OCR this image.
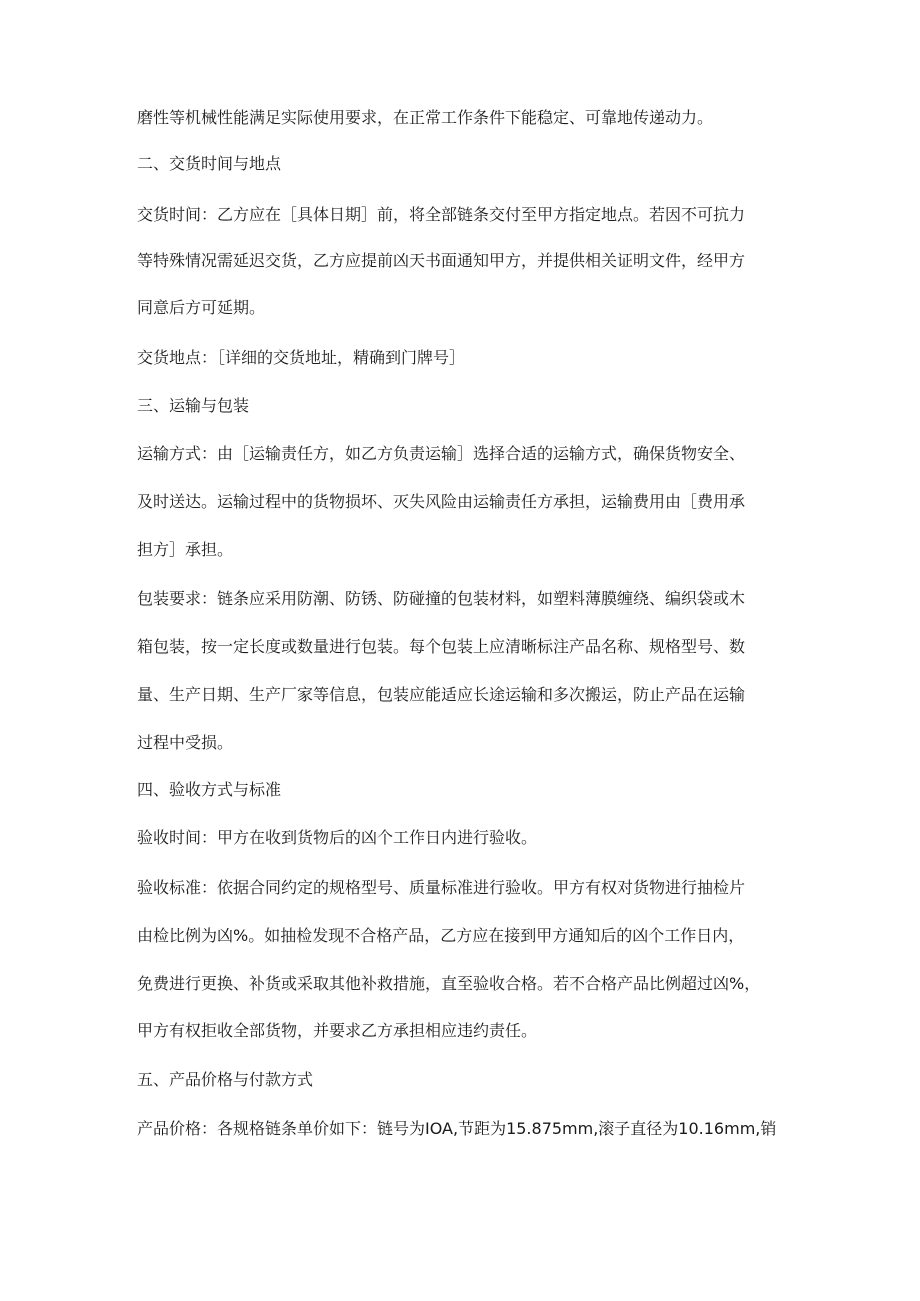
磨性等机械性能满足实际使用要求，在正常工作条件下能稳定、可靠地传递动力。
二、交货时间与地点
交货时间：乙方应在［具体日期］前，将全部链条交付至甲方指定地点。若因不可抗力
等特殊情况需延迟交货，乙方应提前凶天书面通知甲方，并提供相关证明文件，经甲方
同意后方可延期。
交货地点：［详细的交货地址，精确到门牌号］
三、运输与包装
运输方式：由［运输责任方，如乙方负责运输］选择合适的运输方式，确保货物安全、
及时送达。运输过程中的货物损坏、灭失风险由运输责任方承担，运输费用由［费用承
担方］承担。
包装要求：链条应采用防潮、防锈、防碰撞的包装材料，如塑料薄膜缠绕、编织袋或木
箱包装，按一定长度或数量进行包装。每个包装上应清晰标注产品名称、规格型号、数
量、生产日期、生产厂家等信息，包装应能适应长途运输和多次搬运，防止产品在运输
过程中受损。
四、验收方式与标准
验收时间：甲方在收到货物后的凶个工作日内进行验收。
验收标准：依据合同约定的规格型号、质量标准进行验收。甲方有权对货物进行抽检片
由检比例为凶%。如抽检发现不合格产品，乙方应在接到甲方通知后的凶个工作日内，
免费进行更换、补货或采取其他补救措施，直至验收合格。若不合格产品比例超过凶%，
甲方有权拒收全部货物，并要求乙方承担相应违约责任。
五、产品价格与付款方式
产品价格：各规格链条单价如下：链号为IOA,节距为15.875mm,滚子直径为10.16mm,销
